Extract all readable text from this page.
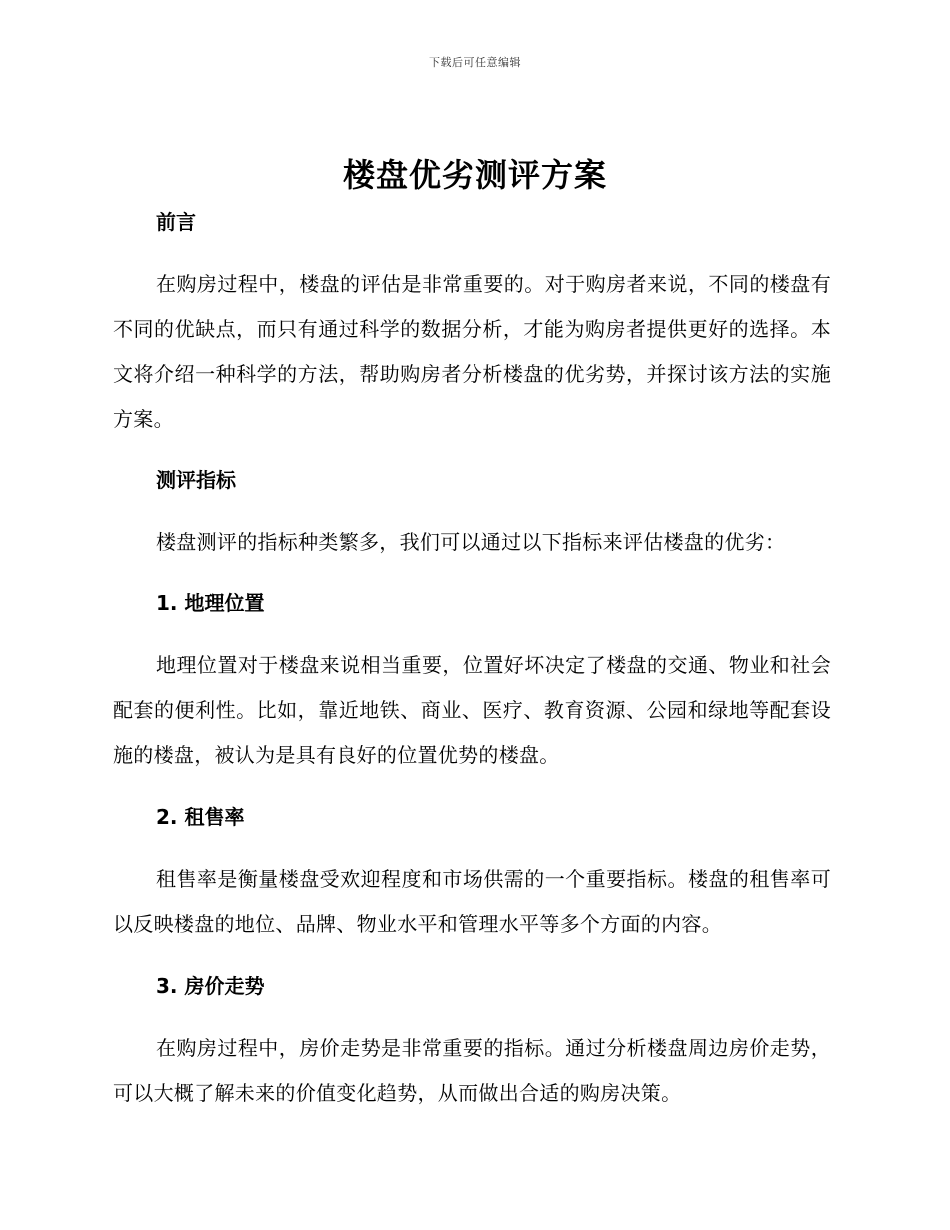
下载后可任意编辑
楼盘优劣测评方案
前言
在购房过程中，楼盘的评估是非常重要的。对于购房者来说，不同的楼盘有不同的优缺点，而只有通过科学的数据分析，才能为购房者提供更好的选择。本文将介绍一种科学的方法，帮助购房者分析楼盘的优劣势，并探讨该方法的实施方案。
测评指标
楼盘测评的指标种类繁多，我们可以通过以下指标来评估楼盘的优劣：
1. 地理位置
地理位置对于楼盘来说相当重要，位置好坏决定了楼盘的交通、物业和社会配套的便利性。比如，靠近地铁、商业、医疗、教育资源、公园和绿地等配套设施的楼盘，被认为是具有良好的位置优势的楼盘。
2. 租售率
租售率是衡量楼盘受欢迎程度和市场供需的一个重要指标。楼盘的租售率可以反映楼盘的地位、品牌、物业水平和管理水平等多个方面的内容。
3. 房价走势
在购房过程中，房价走势是非常重要的指标。通过分析楼盘周边房价走势，可以大概了解未来的价值变化趋势，从而做出合适的购房决策。
